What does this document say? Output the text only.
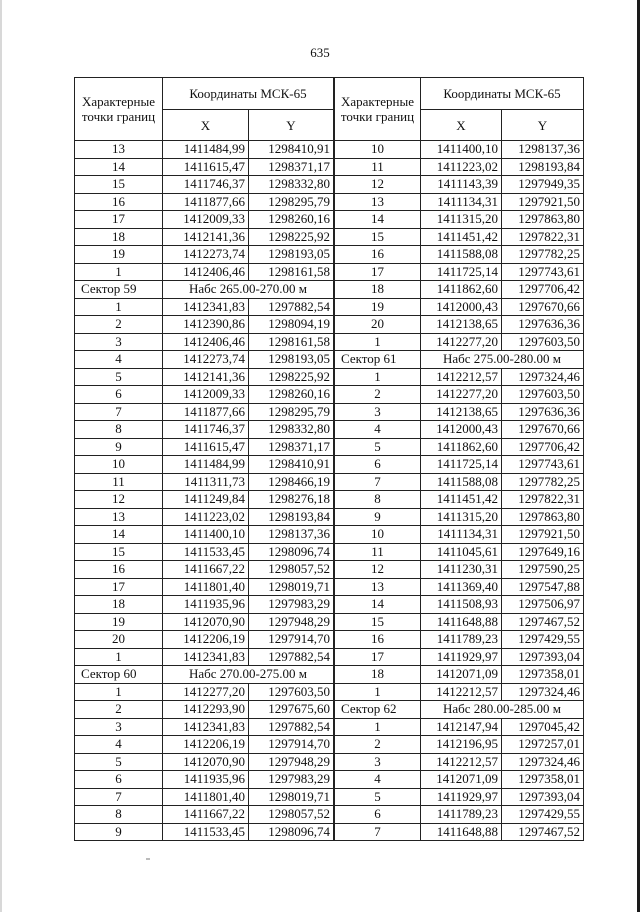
635
Характерные точки границ	Координаты МСК-65	
	X	Y
13	1411484,99	1298410,91
14	1411615,47	1298371,17
15	1411746,37	1298332,80
16	1411877,66	1298295,79
17	1412009,33	1298260,16
18	1412141,36	1298225,92
19	1412273,74	1298193,05
1	1412406,46	1298161,58
Сектор 59	Набс 265.00-270.00 м	
1	1412341,83	1297882,54
2	1412390,86	1298094,19
3	1412406,46	1298161,58
4	1412273,74	1298193,05
5	1412141,36	1298225,92
6	1412009,33	1298260,16
7	1411877,66	1298295,79
8	1411746,37	1298332,80
9	1411615,47	1298371,17
10	1411484,99	1298410,91
11	1411311,73	1298466,19
12	1411249,84	1298276,18
13	1411223,02	1298193,84
14	1411400,10	1298137,36
15	1411533,45	1298096,74
16	1411667,22	1298057,52
17	1411801,40	1298019,71
18	1411935,96	1297983,29
19	1412070,90	1297948,29
20	1412206,19	1297914,70
1	1412341,83	1297882,54
Сектор 60	Набс 270.00-275.00 м	
1	1412277,20	1297603,50
2	1412293,90	1297675,60
3	1412341,83	1297882,54
4	1412206,19	1297914,70
5	1412070,90	1297948,29
6	1411935,96	1297983,29
7	1411801,40	1298019,71
8	1411667,22	1298057,52
9	1411533,45	1298096,74
Характерные точки границ	Координаты МСК-65	
	X	Y
10	1411400,10	1298137,36
11	1411223,02	1298193,84
12	1411143,39	1297949,35
13	1411134,31	1297921,50
14	1411315,20	1297863,80
15	1411451,42	1297822,31
16	1411588,08	1297782,25
17	1411725,14	1297743,61
18	1411862,60	1297706,42
19	1412000,43	1297670,66
20	1412138,65	1297636,36
1	1412277,20	1297603,50
Сектор 61	Набс 275.00-280.00 м	
1	1412212,57	1297324,46
2	1412277,20	1297603,50
3	1412138,65	1297636,36
4	1412000,43	1297670,66
5	1411862,60	1297706,42
6	1411725,14	1297743,61
7	1411588,08	1297782,25
8	1411451,42	1297822,31
9	1411315,20	1297863,80
10	1411134,31	1297921,50
11	1411045,61	1297649,16
12	1411230,31	1297590,25
13	1411369,40	1297547,88
14	1411508,93	1297506,97
15	1411648,88	1297467,52
16	1411789,23	1297429,55
17	1411929,97	1297393,04
18	1412071,09	1297358,01
1	1412212,57	1297324,46
Сектор 62	Набс 280.00-285.00 м	
1	1412147,94	1297045,42
2	1412196,95	1297257,01
3	1412212,57	1297324,46
4	1412071,09	1297358,01
5	1411929,97	1297393,04
6	1411789,23	1297429,55
7	1411648,88	1297467,52
